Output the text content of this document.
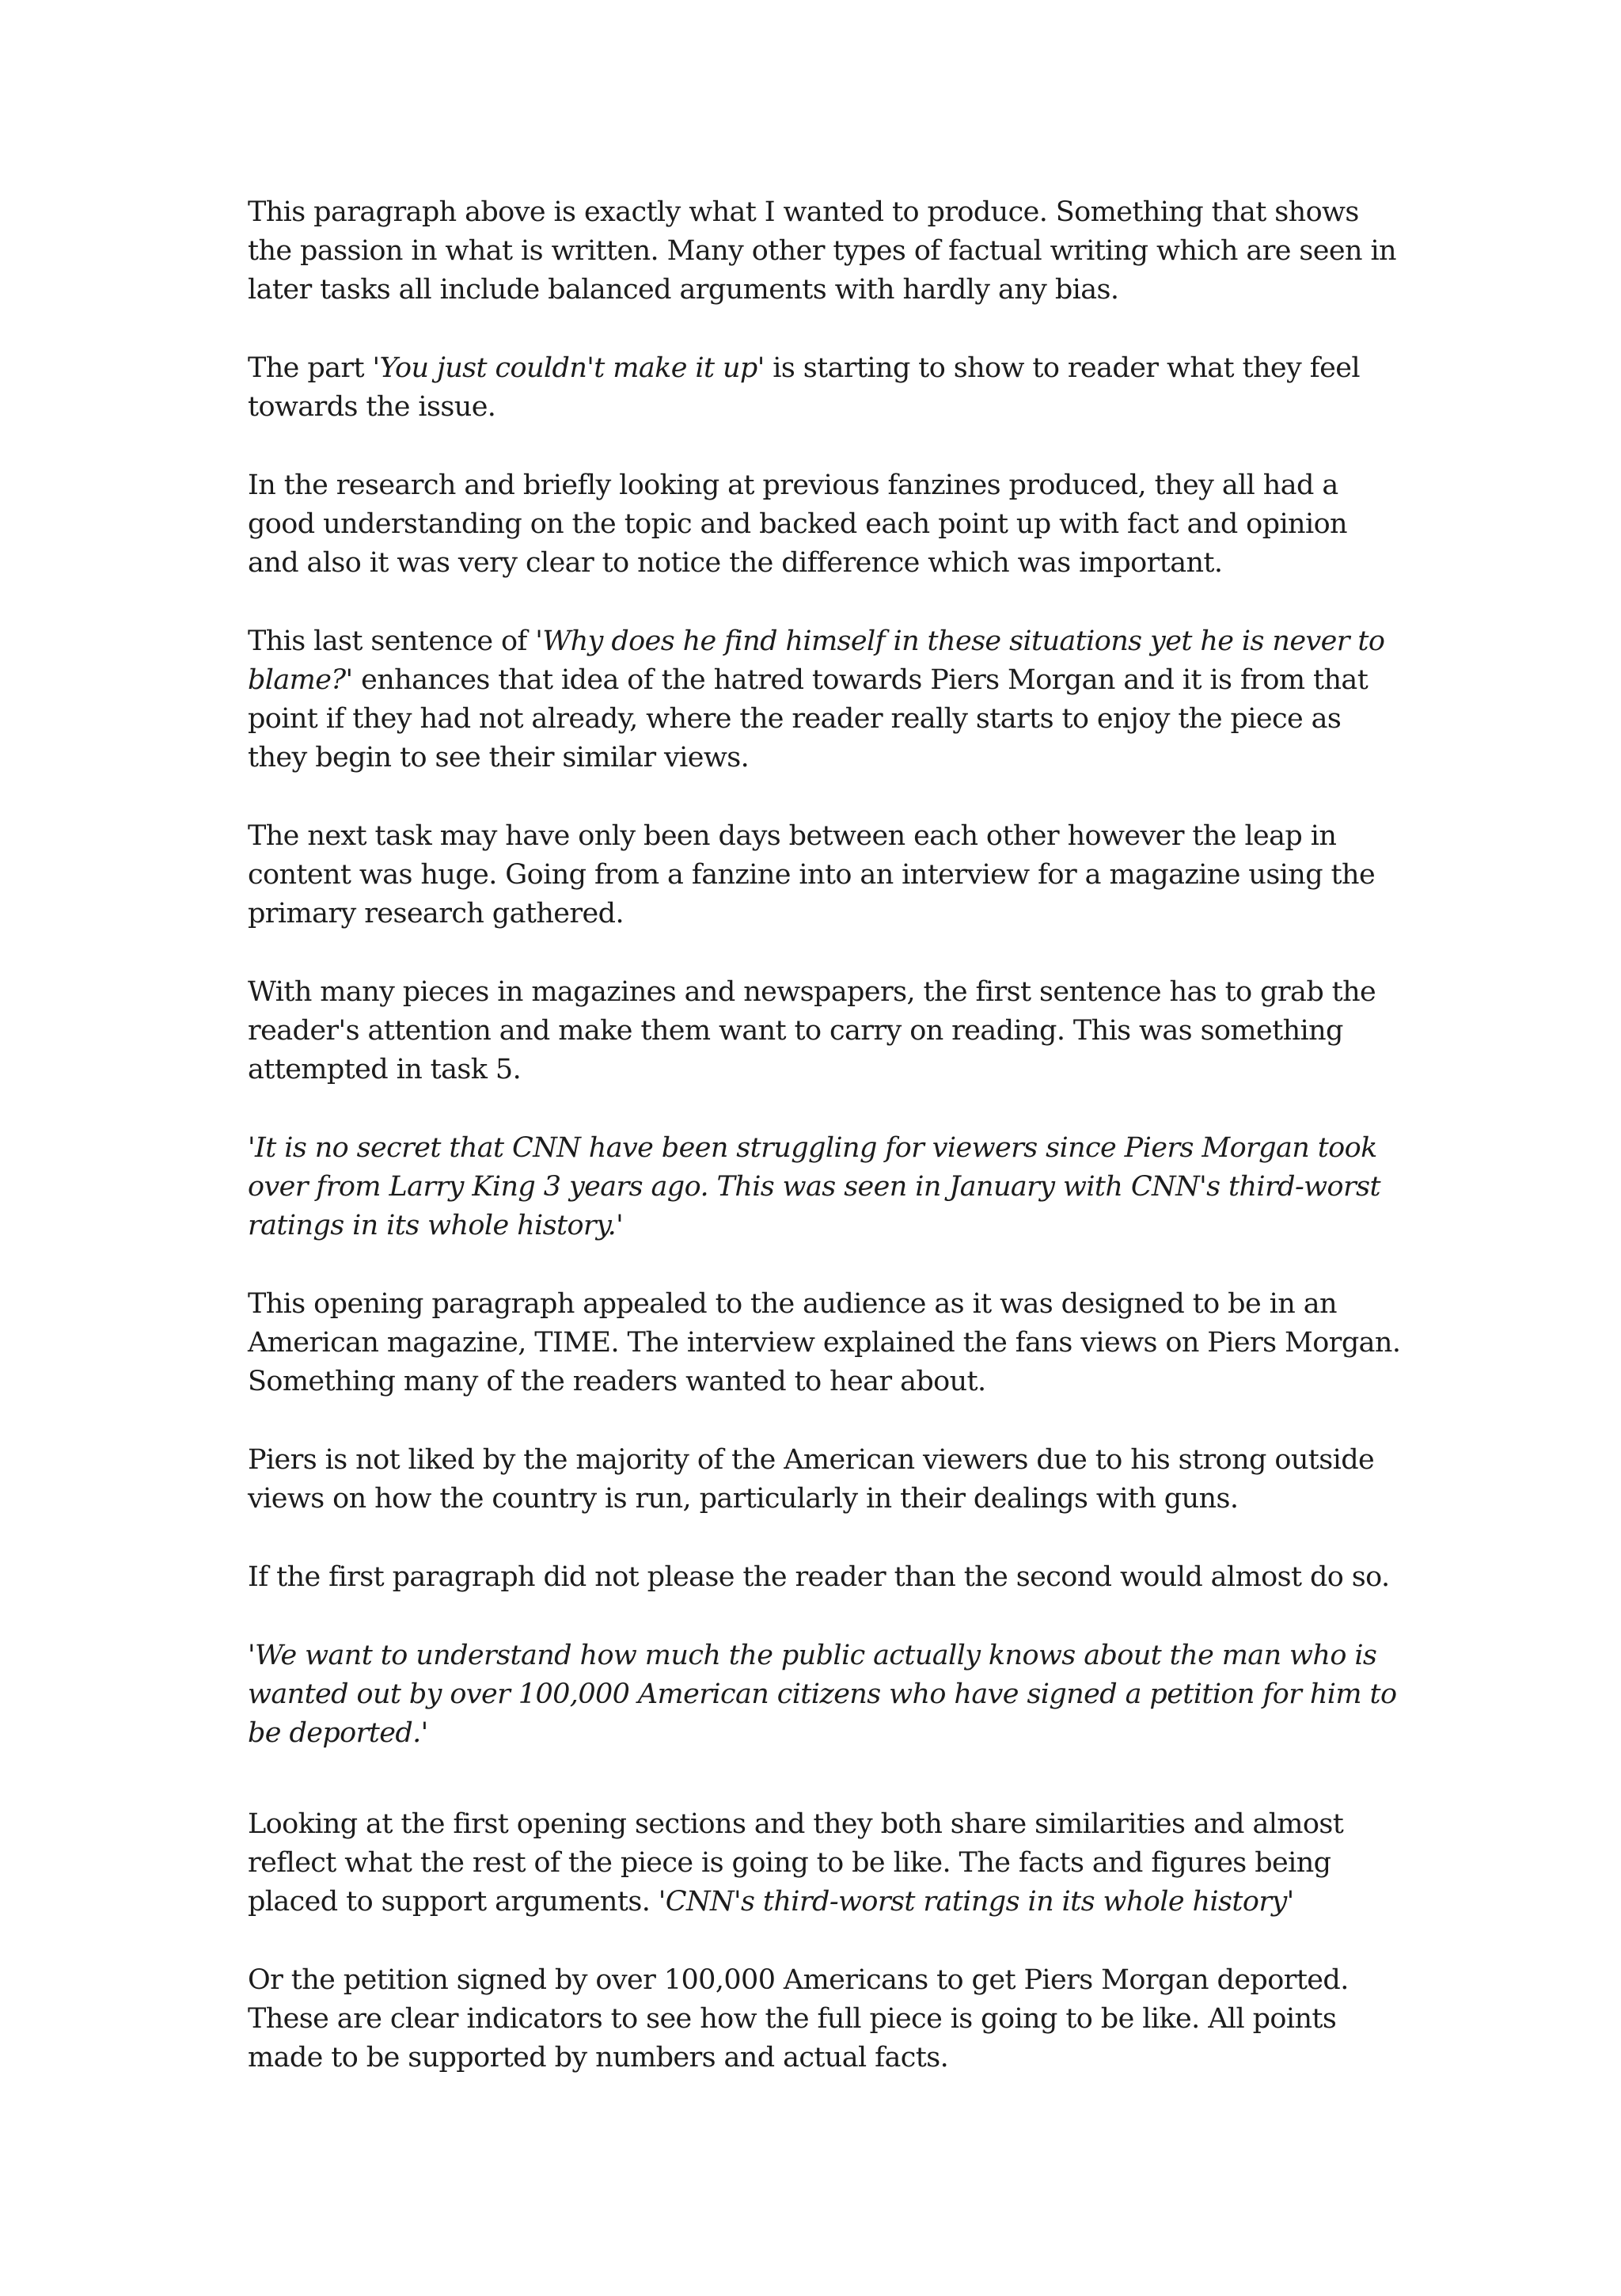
This paragraph above is exactly what I wanted to produce. Something that shows the passion in what is written. Many other types of factual writing which are seen in later tasks all include balanced arguments with hardly any bias.

The part 'You just couldn't make it up' is starting to show to reader what they feel towards the issue.

In the research and briefly looking at previous fanzines produced, they all had a good understanding on the topic and backed each point up with fact and opinion and also it was very clear to notice the difference which was important.

This last sentence of 'Why does he find himself in these situations yet he is never to blame?' enhances that idea of the hatred towards Piers Morgan and it is from that point if they had not already, where the reader really starts to enjoy the piece as they begin to see their similar views.

The next task may have only been days between each other however the leap in content was huge. Going from a fanzine into an interview for a magazine using the primary research gathered.

With many pieces in magazines and newspapers, the first sentence has to grab the reader's attention and make them want to carry on reading. This was something attempted in task 5.

'It is no secret that CNN have been struggling for viewers since Piers Morgan took over from Larry King 3 years ago. This was seen in January with CNN's third-worst ratings in its whole history.'

This opening paragraph appealed to the audience as it was designed to be in an American magazine, TIME. The interview explained the fans views on Piers Morgan. Something many of the readers wanted to hear about.

Piers is not liked by the majority of the American viewers due to his strong outside views on how the country is run, particularly in their dealings with guns.

If the first paragraph did not please the reader than the second would almost do so.

'We want to understand how much the public actually knows about the man who is wanted out by over 100,000 American citizens who have signed a petition for him to be deported.'

Looking at the first opening sections and they both share similarities and almost reflect what the rest of the piece is going to be like. The facts and figures being placed to support arguments. 'CNN's third-worst ratings in its whole history'

Or the petition signed by over 100,000 Americans to get Piers Morgan deported. These are clear indicators to see how the full piece is going to be like. All points made to be supported by numbers and actual facts.
